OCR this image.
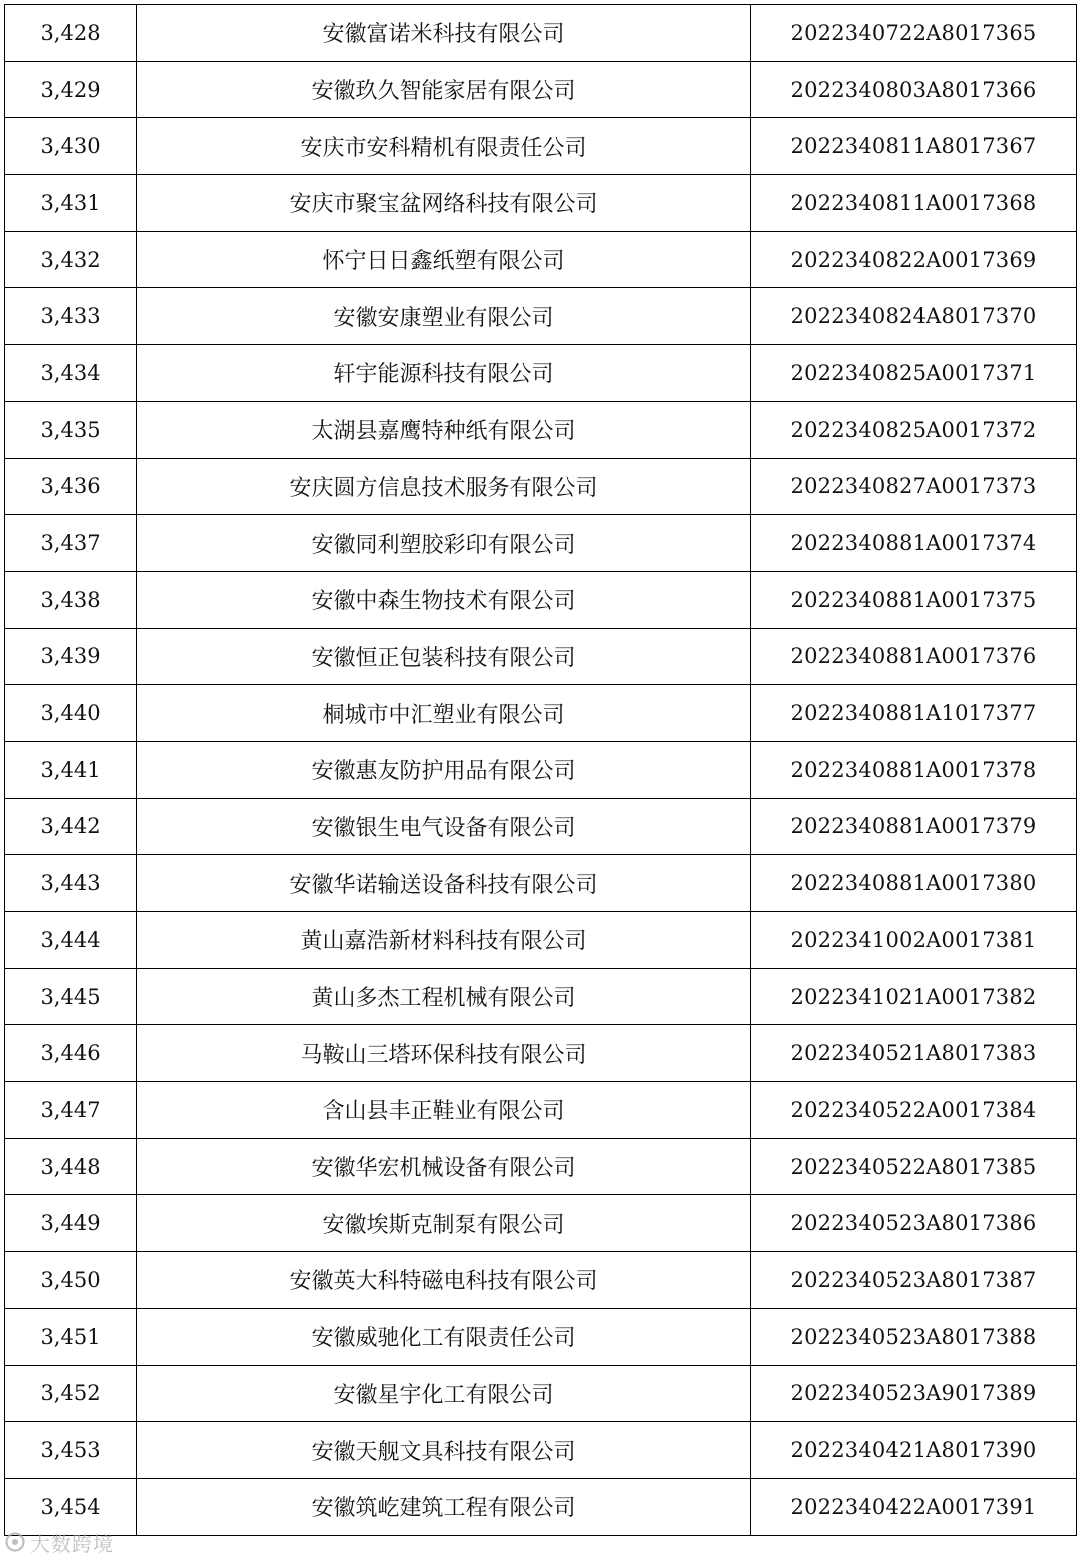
3,428	安徽富诺米科技有限公司	2022340722A8017365
3,429	安徽玖久智能家居有限公司	2022340803A8017366
3,430	安庆市安科精机有限责任公司	2022340811A8017367
3,431	安庆市聚宝盆网络科技有限公司	2022340811A0017368
3,432	怀宁日日鑫纸塑有限公司	2022340822A0017369
3,433	安徽安康塑业有限公司	2022340824A8017370
3,434	轩宇能源科技有限公司	2022340825A0017371
3,435	太湖县嘉鹰特种纸有限公司	2022340825A0017372
3,436	安庆圆方信息技术服务有限公司	2022340827A0017373
3,437	安徽同利塑胶彩印有限公司	2022340881A0017374
3,438	安徽中森生物技术有限公司	2022340881A0017375
3,439	安徽恒正包装科技有限公司	2022340881A0017376
3,440	桐城市中汇塑业有限公司	2022340881A1017377
3,441	安徽惠友防护用品有限公司	2022340881A0017378
3,442	安徽银生电气设备有限公司	2022340881A0017379
3,443	安徽华诺输送设备科技有限公司	2022340881A0017380
3,444	黄山嘉浩新材料科技有限公司	2022341002A0017381
3,445	黄山多杰工程机械有限公司	2022341021A0017382
3,446	马鞍山三塔环保科技有限公司	2022340521A8017383
3,447	含山县丰正鞋业有限公司	2022340522A0017384
3,448	安徽华宏机械设备有限公司	2022340522A8017385
3,449	安徽埃斯克制泵有限公司	2022340523A8017386
3,450	安徽英大科特磁电科技有限公司	2022340523A8017387
3,451	安徽威驰化工有限责任公司	2022340523A8017388
3,452	安徽星宇化工有限公司	2022340523A9017389
3,453	安徽天舰文具科技有限公司	2022340421A8017390
3,454	安徽筑屹建筑工程有限公司	2022340422A0017391
大数跨境
